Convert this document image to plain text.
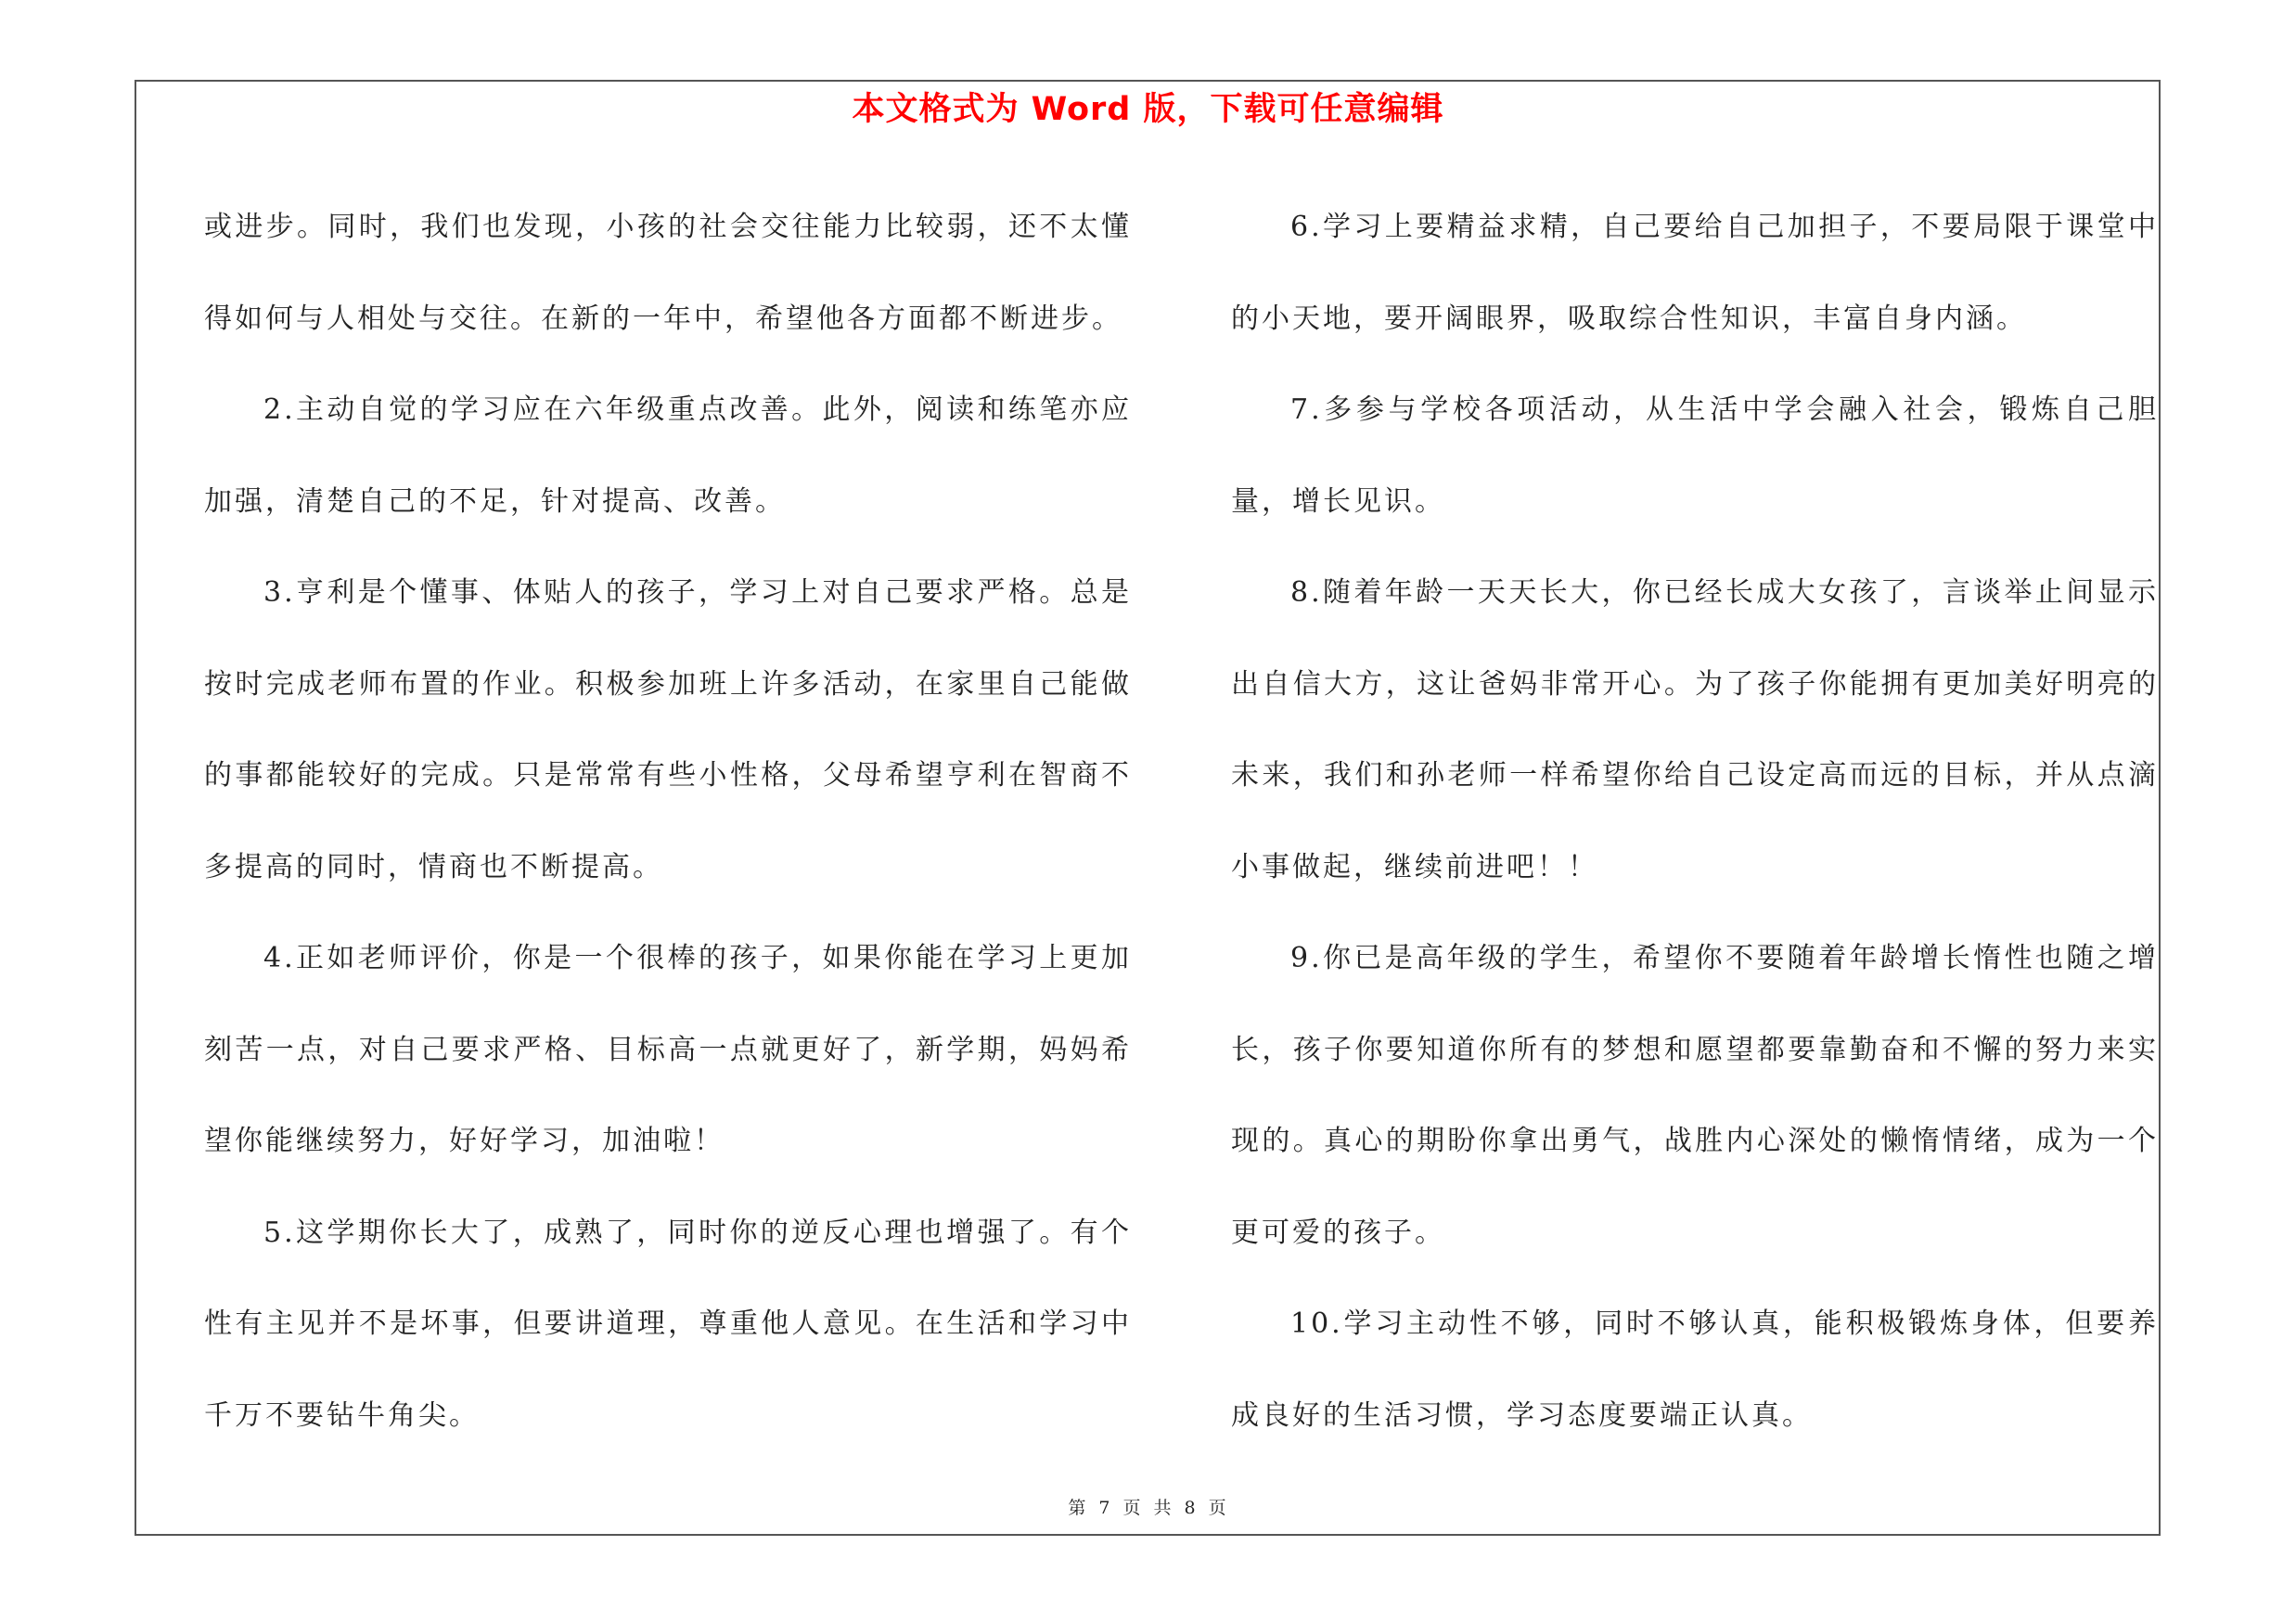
本文格式为 Word 版，下载可任意编辑

或进步。同时，我们也发现，小孩的社会交往能力比较弱，还不太懂得如何与人相处与交往。在新的一年中，希望他各方面都不断进步。

2.主动自觉的学习应在六年级重点改善。此外，阅读和练笔亦应加强，清楚自己的不足，针对提高、改善。

3.亨利是个懂事、体贴人的孩子，学习上对自己要求严格。总是按时完成老师布置的作业。积极参加班上许多活动，在家里自己能做的事都能较好的完成。只是常常有些小性格，父母希望亨利在智商不多提高的同时，情商也不断提高。

4.正如老师评价，你是一个很棒的孩子，如果你能在学习上更加刻苦一点，对自己要求严格、目标高一点就更好了，新学期，妈妈希望你能继续努力，好好学习，加油啦！

5.这学期你长大了，成熟了，同时你的逆反心理也增强了。有个性有主见并不是坏事，但要讲道理，尊重他人意见。在生活和学习中千万不要钻牛角尖。

6.学习上要精益求精，自己要给自己加担子，不要局限于课堂中的小天地，要开阔眼界，吸取综合性知识，丰富自身内涵。

7.多参与学校各项活动，从生活中学会融入社会，锻炼自己胆量，增长见识。

8.随着年龄一天天长大，你已经长成大女孩了，言谈举止间显示出自信大方，这让爸妈非常开心。为了孩子你能拥有更加美好明亮的未来，我们和孙老师一样希望你给自己设定高而远的目标，并从点滴小事做起，继续前进吧！！

9.你已是高年级的学生，希望你不要随着年龄增长惰性也随之增长，孩子你要知道你所有的梦想和愿望都要靠勤奋和不懈的努力来实现的。真心的期盼你拿出勇气，战胜内心深处的懒惰情绪，成为一个更可爱的孩子。

10.学习主动性不够，同时不够认真，能积极锻炼身体，但要养成良好的生活习惯，学习态度要端正认真。

第 7 页 共 8 页
